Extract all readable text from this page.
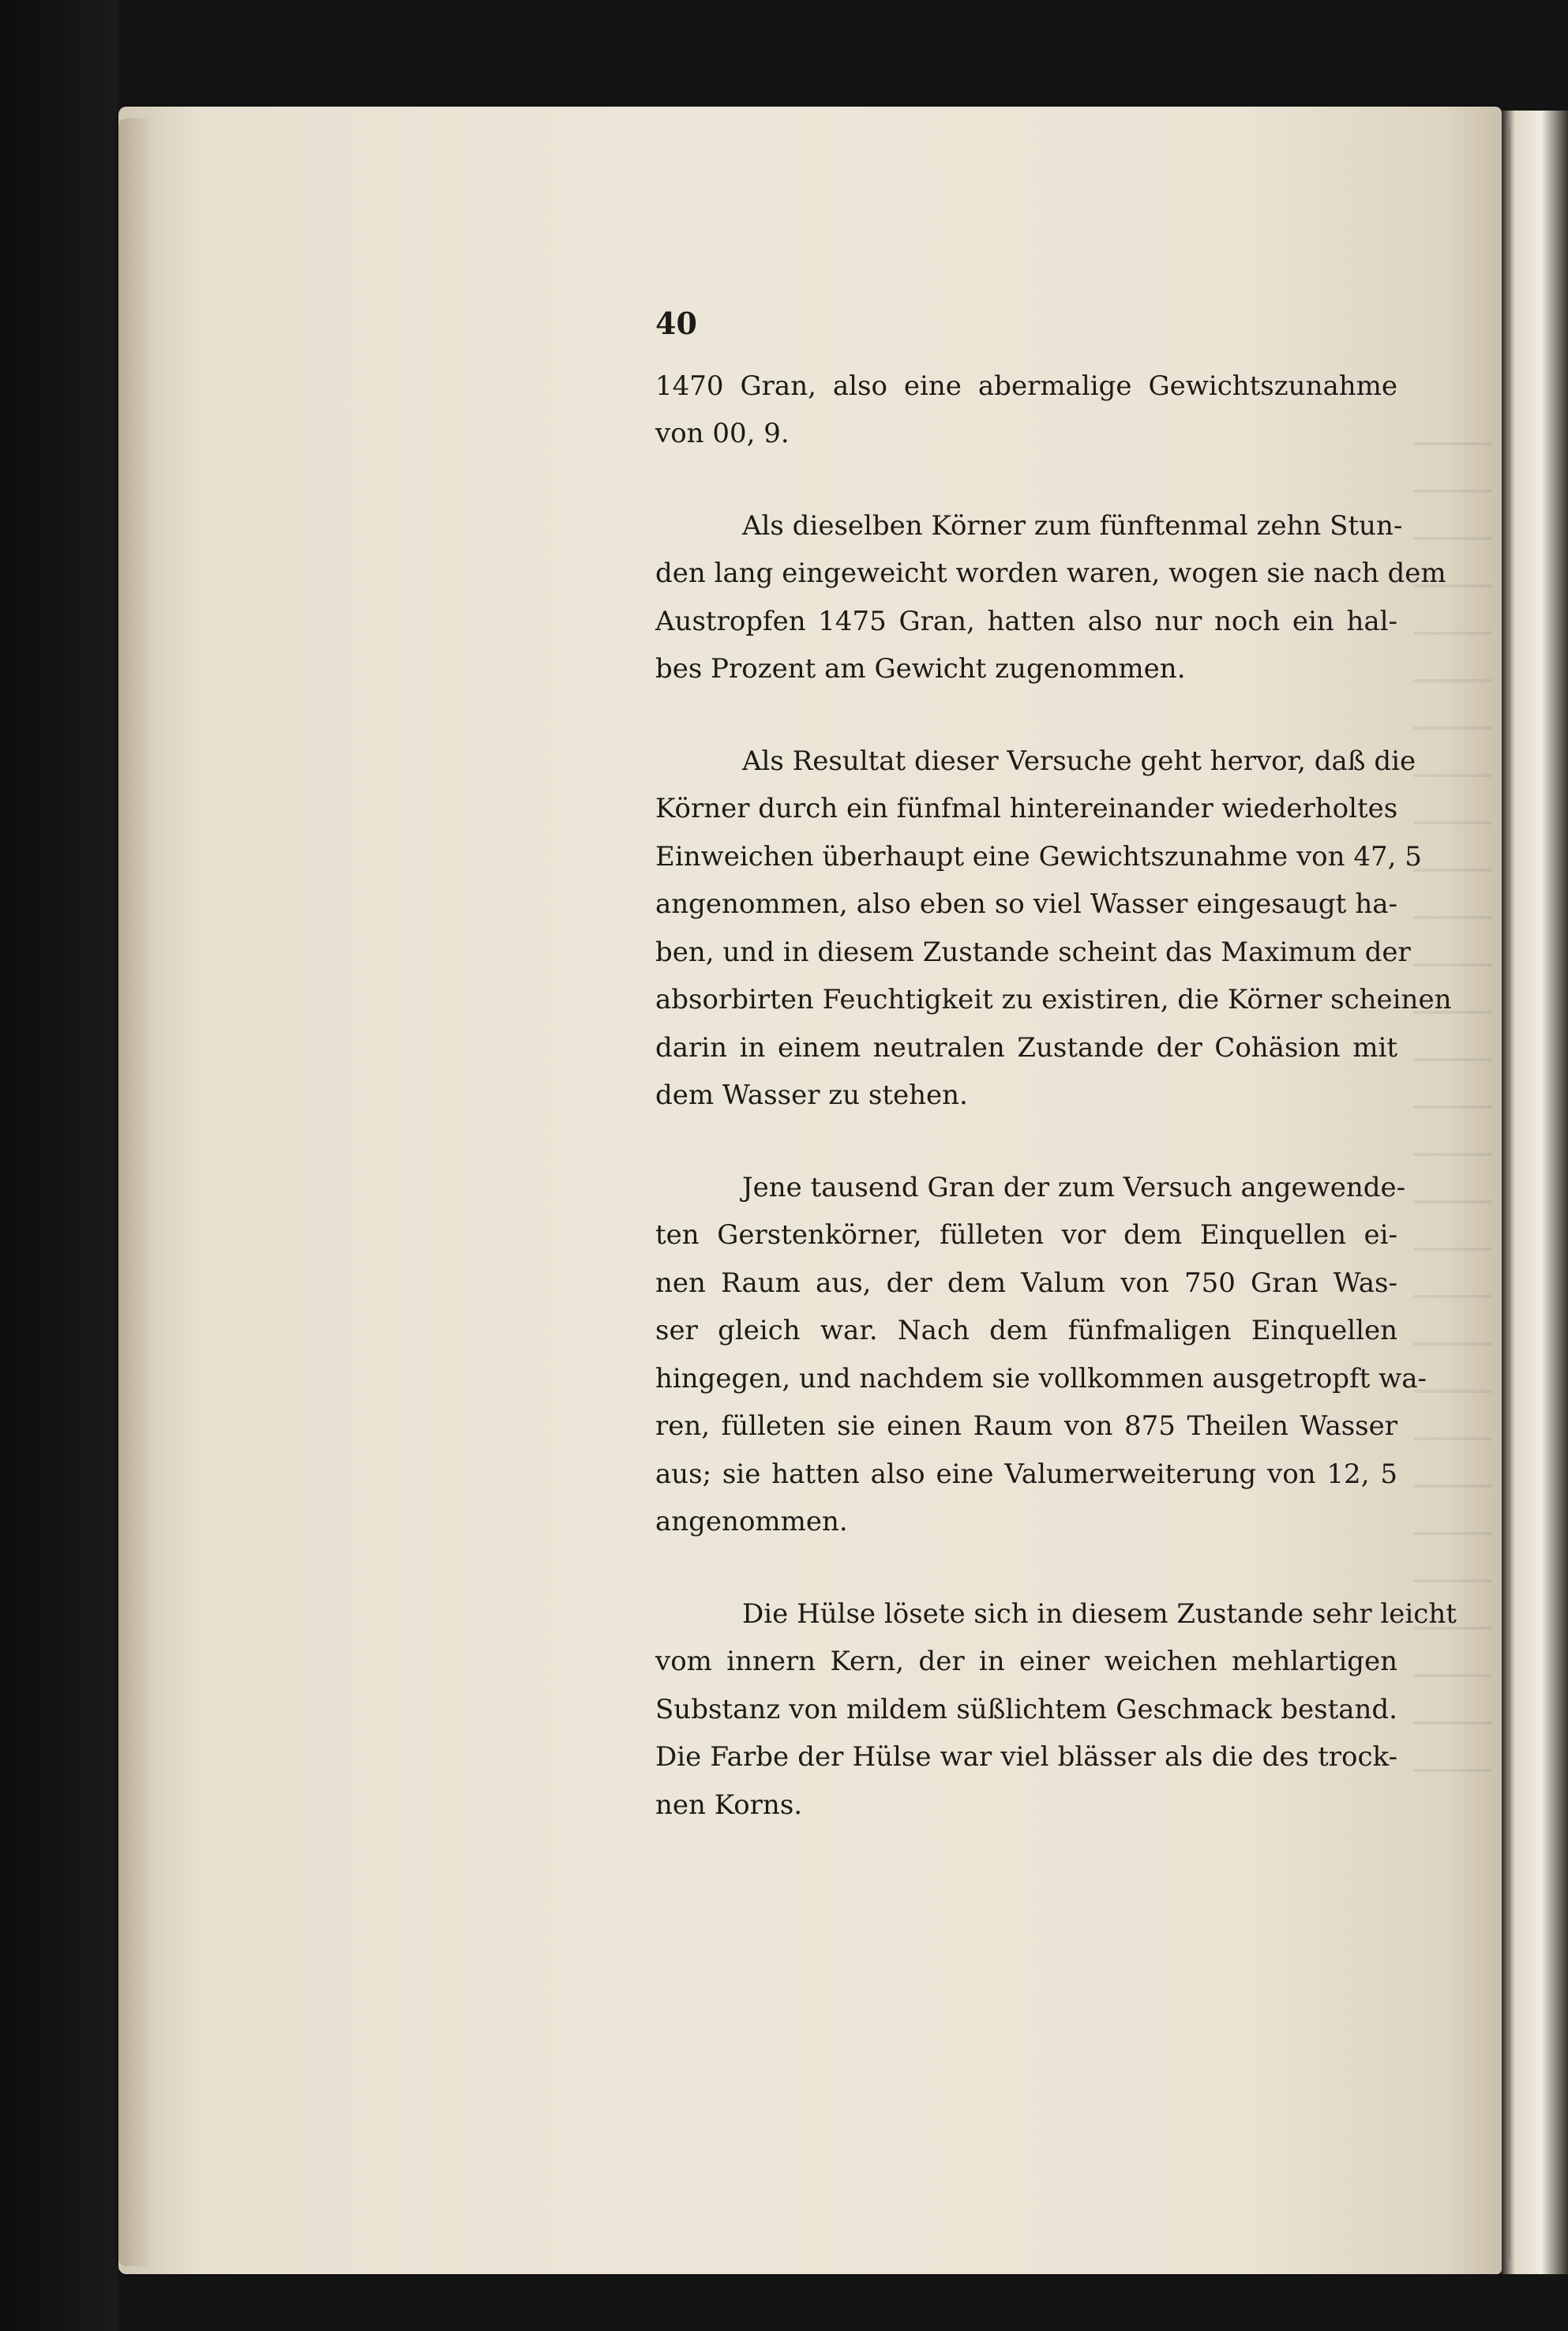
40
1470 Gran, also eine abermalige Gewichtszunahme
von 00, 9.
Als dieselben Körner zum fünftenmal zehn Stun-
den lang eingeweicht worden waren, wogen sie nach dem
Austropfen 1475 Gran, hatten also nur noch ein hal-
bes Prozent am Gewicht zugenommen.
Als Resultat dieser Versuche geht hervor, daß die
Körner durch ein fünfmal hintereinander wiederholtes
Einweichen überhaupt eine Gewichtszunahme von 47, 5
angenommen, also eben so viel Wasser eingesaugt ha-
ben, und in diesem Zustande scheint das Maximum der
absorbirten Feuchtigkeit zu existiren, die Körner scheinen
darin in einem neutralen Zustande der Cohäsion mit
dem Wasser zu stehen.
Jene tausend Gran der zum Versuch angewende-
ten Gerstenkörner, fülleten vor dem Einquellen ei-
nen Raum aus, der dem Valum von 750 Gran Was-
ser gleich war. Nach dem fünfmaligen Einquellen
hingegen, und nachdem sie vollkommen ausgetropft wa-
ren, fülleten sie einen Raum von 875 Theilen Wasser
aus; sie hatten also eine Valumerweiterung von 12, 5
angenommen.
Die Hülse lösete sich in diesem Zustande sehr leicht
vom innern Kern, der in einer weichen mehlartigen
Substanz von mildem süßlichtem Geschmack bestand.
Die Farbe der Hülse war viel blässer als die des trock-
nen Korns.
